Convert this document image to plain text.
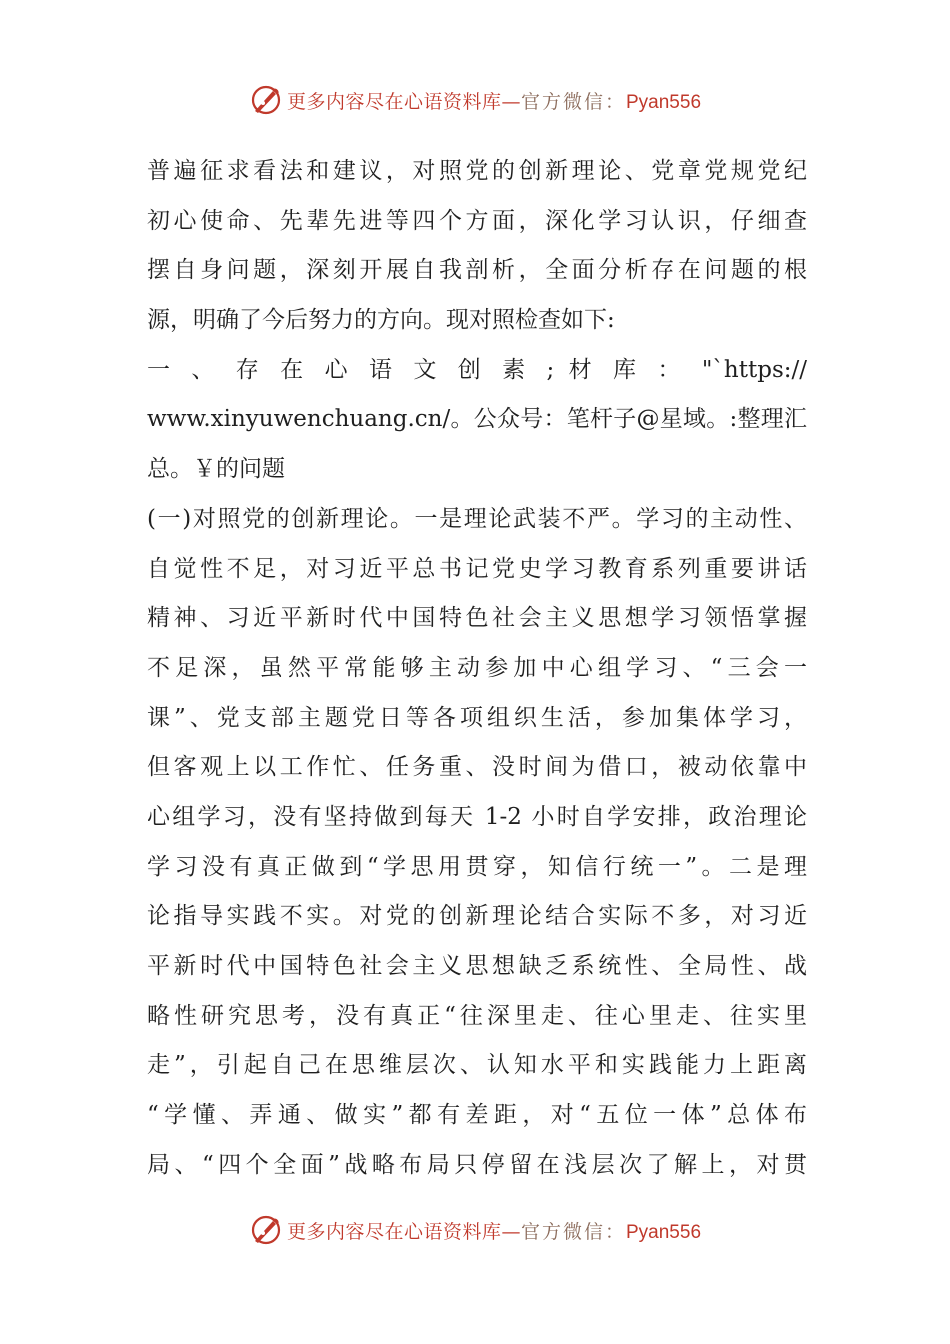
更多内容尽在心语资料库—官方微信：Pyan556
普遍征求看法和建议，对照党的创新理论、党章党规党纪
初心使命、先辈先进等四个方面，深化学习认识，仔细查
摆自身问题，深刻开展自我剖析，全面分析存在问题的根
源，明确了今后努力的方向。现对照检查如下:
一 、 存 在 心 语 文 创 素 ; 材 库 ： "`https://
www.xinyuwenchuang.cn/。公众号：笔杆子@星域。:整理汇
总。￥的问题
(一)对照党的创新理论。一是理论武装不严。学习的主动性、
自觉性不足，对习近平总书记党史学习教育系列重要讲话
精神、习近平新时代中国特色社会主义思想学习领悟掌握
不足深，虽然平常能够主动参加中心组学习、“三会一
课”、党支部主题党日等各项组织生活，参加集体学习，
但客观上以工作忙、任务重、没时间为借口，被动依靠中
心组学习，没有坚持做到每天 1-2 小时自学安排，政治理论
学习没有真正做到“学思用贯穿，知信行统一”。二是理
论指导实践不实。对党的创新理论结合实际不多，对习近
平新时代中国特色社会主义思想缺乏系统性、全局性、战
略性研究思考，没有真正“往深里走、往心里走、往实里
走”，引起自己在思维层次、认知水平和实践能力上距离
“学懂、弄通、做实”都有差距，对“五位一体”总体布
局、“四个全面”战略布局只停留在浅层次了解上，对贯
更多内容尽在心语资料库—官方微信：Pyan556
